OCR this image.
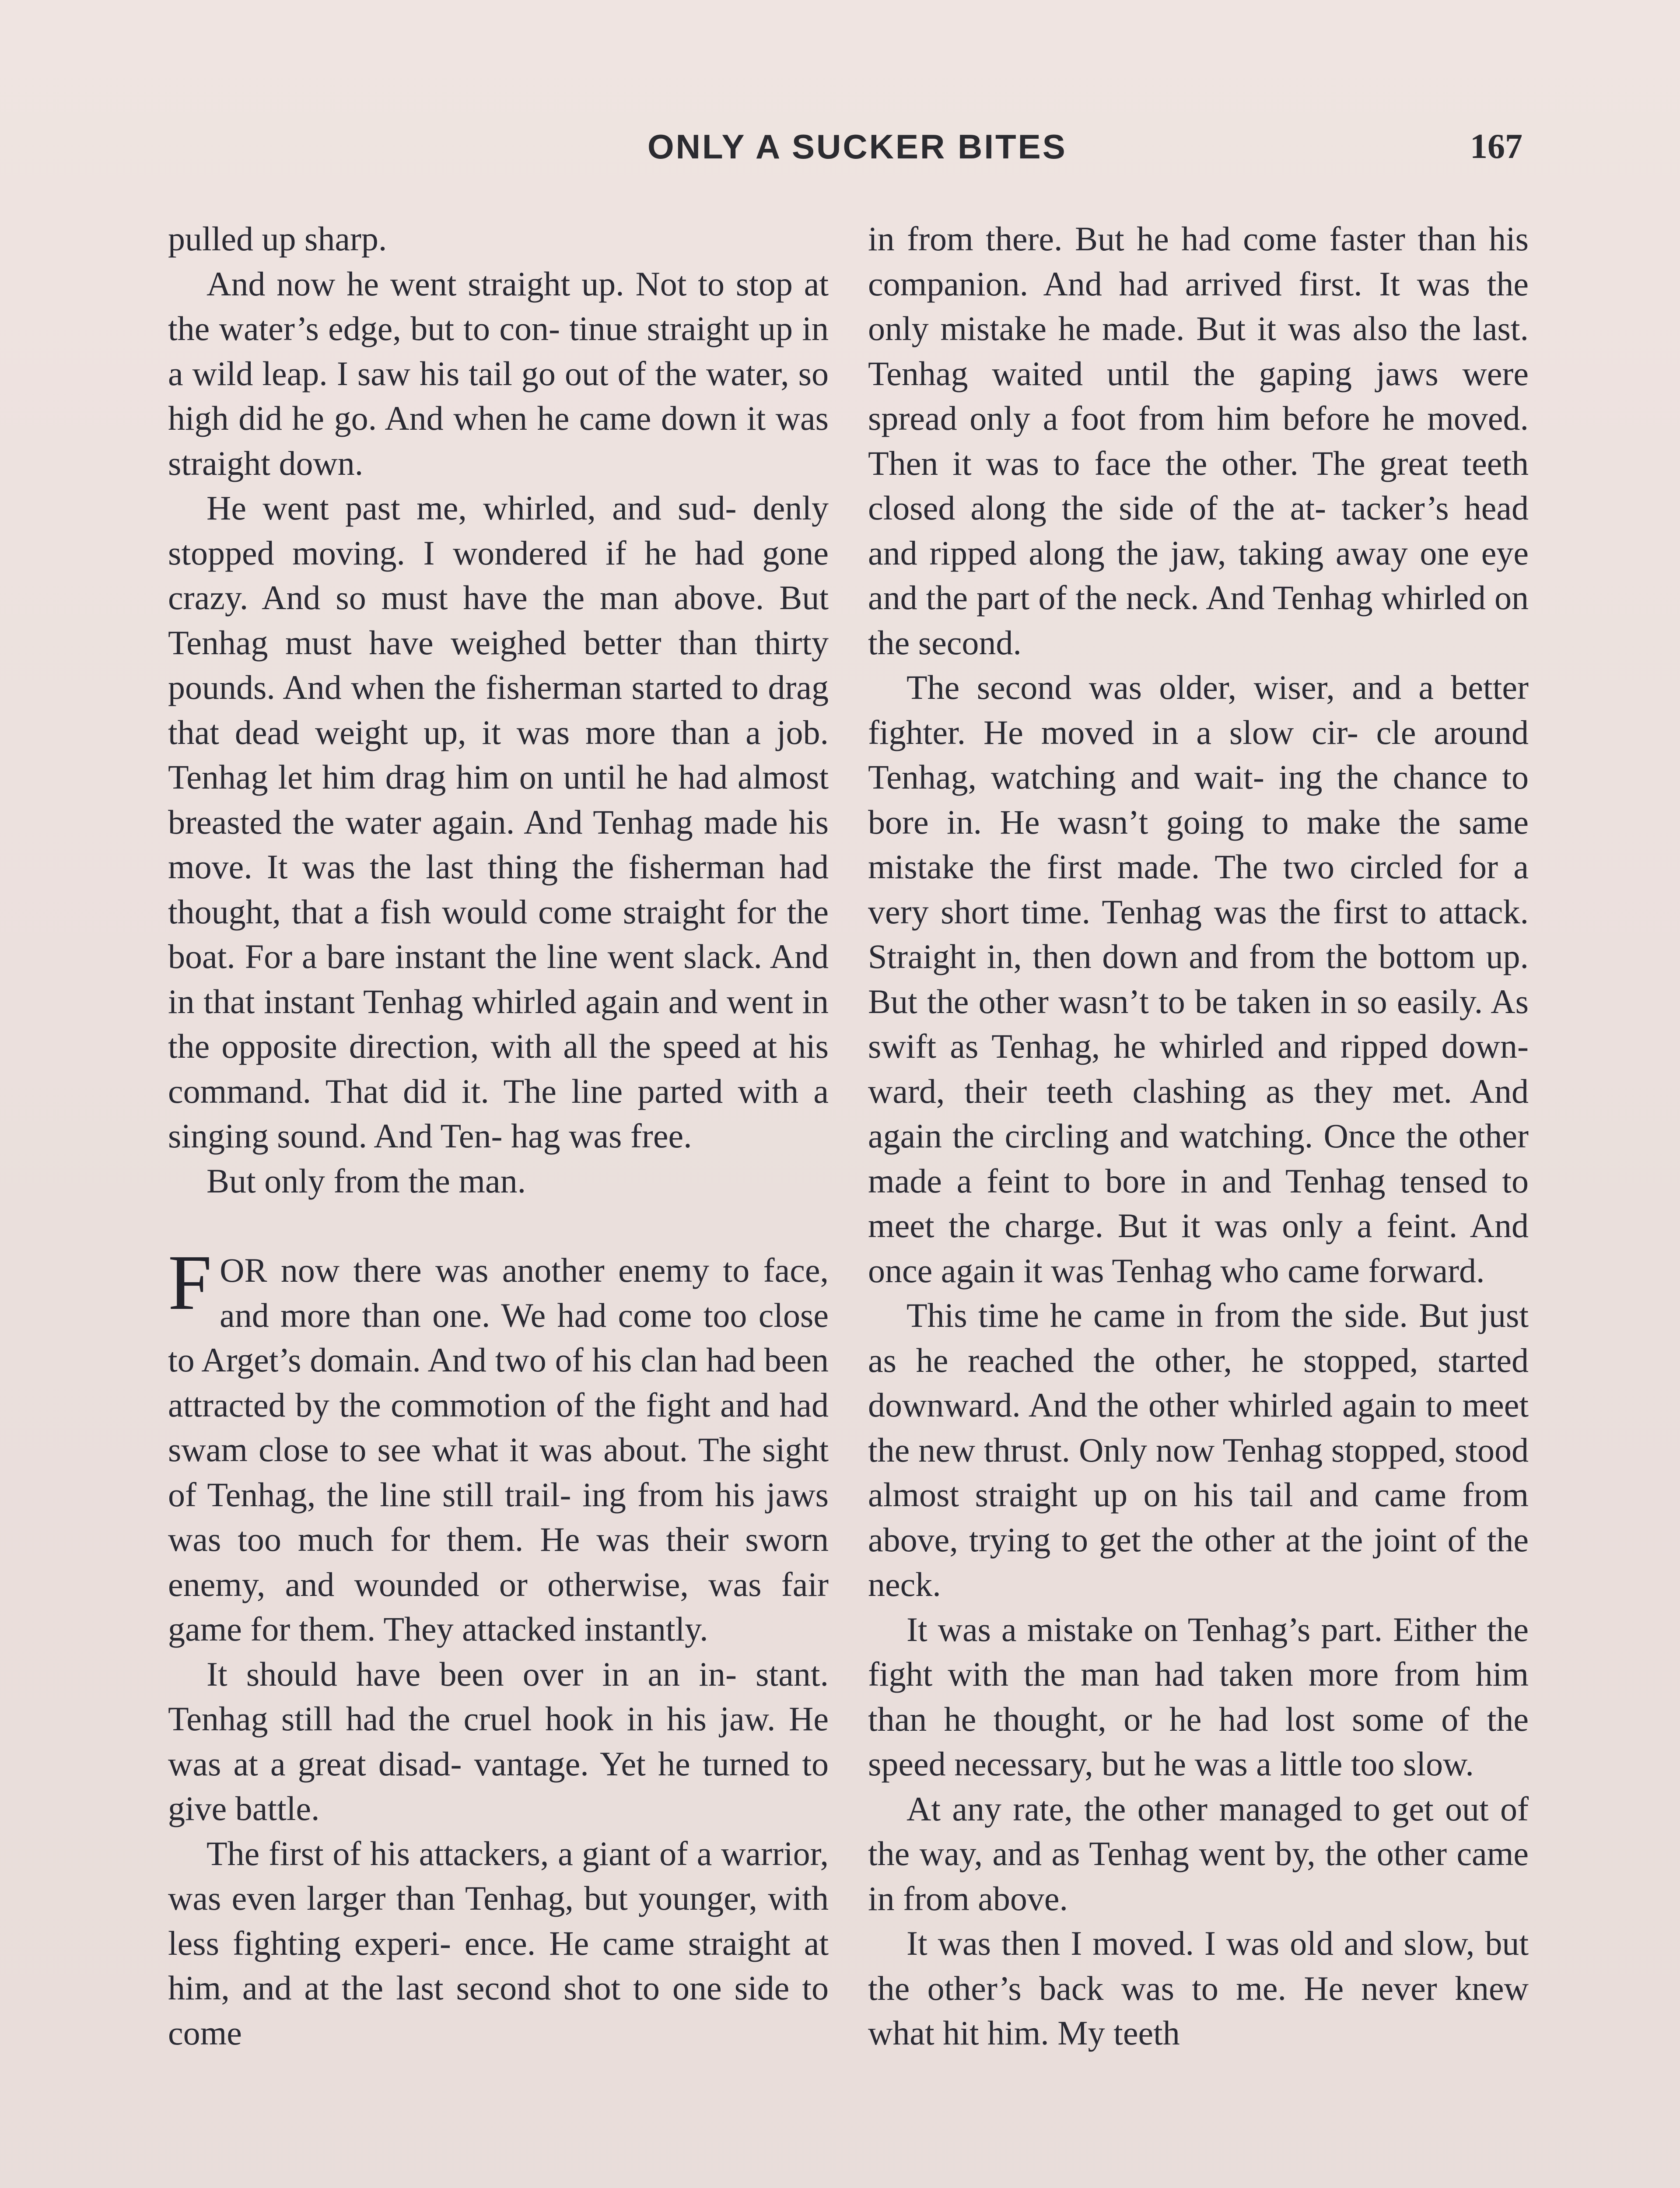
ONLY A SUCKER BITES	167

pulled up sharp.

And now he went straight up. Not to stop at the water’s edge, but to con- tinue straight up in a wild leap. I saw his tail go out of the water, so high did he go. And when he came down it was straight down.

He went past me, whirled, and sud- denly stopped moving. I wondered if he had gone crazy. And so must have the man above. But Tenhag must have weighed better than thirty pounds. And when the fisherman started to drag that dead weight up, it was more than a job. Tenhag let him drag him on until he had almost breasted the water again. And Tenhag made his move. It was the last thing the fisherman had thought, that a fish would come straight for the boat. For a bare instant the line went slack. And in that instant Tenhag whirled again and went in the opposite direction, with all the speed at his command. That did it. The line parted with a singing sound. And Ten- hag was free.

But only from the man.

FOR now there was another enemy to face, and more than one. We had come too close to Arget’s domain. And two of his clan had been attracted by the commotion of the fight and had swam close to see what it was about. The sight of Tenhag, the line still trail- ing from his jaws was too much for them. He was their sworn enemy, and wounded or otherwise, was fair game for them. They attacked instantly.

It should have been over in an in- stant. Tenhag still had the cruel hook in his jaw. He was at a great disad- vantage. Yet he turned to give battle.

The first of his attackers, a giant of a warrior, was even larger than Tenhag, but younger, with less fighting experi- ence. He came straight at him, and at the last second shot to one side to come

in from there. But he had come faster than his companion. And had arrived first. It was the only mistake he made. But it was also the last. Tenhag waited until the gaping jaws were spread only a foot from him before he moved. Then it was to face the other. The great teeth closed along the side of the at- tacker’s head and ripped along the jaw, taking away one eye and the part of the neck. And Tenhag whirled on the second.

The second was older, wiser, and a better fighter. He moved in a slow cir- cle around Tenhag, watching and wait- ing the chance to bore in. He wasn’t going to make the same mistake the first made. The two circled for a very short time. Tenhag was the first to attack. Straight in, then down and from the bottom up. But the other wasn’t to be taken in so easily. As swift as Tenhag, he whirled and ripped down- ward, their teeth clashing as they met. And again the circling and watching. Once the other made a feint to bore in and Tenhag tensed to meet the charge. But it was only a feint. And once again it was Tenhag who came forward.

This time he came in from the side. But just as he reached the other, he stopped, started downward. And the other whirled again to meet the new thrust. Only now Tenhag stopped, stood almost straight up on his tail and came from above, trying to get the other at the joint of the neck.

It was a mistake on Tenhag’s part. Either the fight with the man had taken more from him than he thought, or he had lost some of the speed necessary, but he was a little too slow.

At any rate, the other managed to get out of the way, and as Tenhag went by, the other came in from above.

It was then I moved. I was old and slow, but the other’s back was to me. He never knew what hit him. My teeth
